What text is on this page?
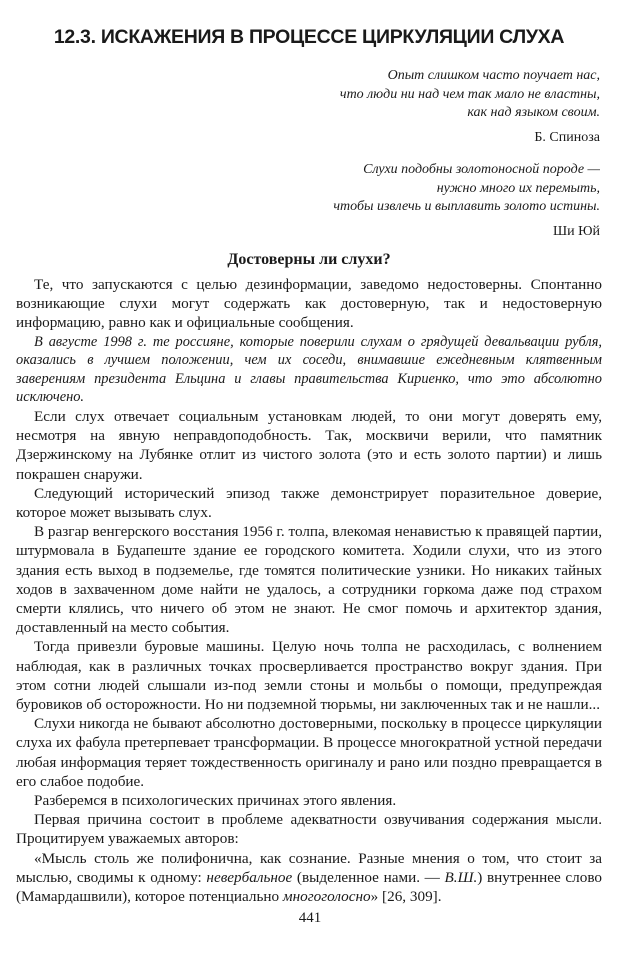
12.3. ИСКАЖЕНИЯ В ПРОЦЕССЕ ЦИРКУЛЯЦИИ СЛУХА
Опыт слишком часто поучает нас,
что люди ни над чем так мало не властны,
как над языком своим.
Б. Спиноза
Слухи подобны золотоносной породе —
нужно много их перемыть,
чтобы извлечь и выплавить золото истины.
Ши Юй
Достоверны ли слухи?

Те, что запускаются с целью дезинформации, заведомо недостоверны. Спонтанно возникающие слухи могут содержать как достоверную, так и недостоверную информацию, равно как и официальные сообщения.

В августе 1998 г. те россияне, которые поверили слухам о грядущей девальвации рубля, оказались в лучшем положении, чем их соседи, внимавшие ежедневным клятвенным заверениям президента Ельцина и главы правительства Кириенко, что это абсолютно исключено.

Если слух отвечает социальным установкам людей, то они могут доверять ему, несмотря на явную неправдоподобность. Так, москвичи верили, что памятник Дзержинскому на Лубянке отлит из чистого золота (это и есть золото партии) и лишь покрашен снаружи.

Следующий исторический эпизод также демонстрирует поразительное доверие, которое может вызывать слух.

В разгар венгерского восстания 1956 г. толпа, влекомая ненавистью к правящей партии, штурмовала в Будапеште здание ее городского комитета. Ходили слухи, что из этого здания есть выход в подземелье, где томятся политические узники. Но никаких тайных ходов в захваченном доме найти не удалось, а сотрудники горкома даже под страхом смерти клялись, что ничего об этом не знают. Не смог помочь и архитектор здания, доставленный на место события.

Тогда привезли буровые машины. Целую ночь толпа не расходилась, с волнением наблюдая, как в различных точках просверливается пространство вокруг здания. При этом сотни людей слышали из-под земли стоны и мольбы о помощи, предупреждая буровиков об осторожности. Но ни подземной тюрьмы, ни заключенных так и не нашли...

Слухи никогда не бывают абсолютно достоверными, поскольку в процессе циркуляции слуха их фабула претерпевает трансформации. В процессе многократной устной передачи любая информация теряет тождественность оригиналу и рано или поздно превращается в его слабое подобие.

Разберемся в психологических причинах этого явления.

Первая причина состоит в проблеме адекватности озвучивания содержания мысли. Процитируем уважаемых авторов:

«Мысль столь же полифонична, как сознание. Разные мнения о том, что стоит за мыслью, сводимы к одному: невербальное (выделенное нами. — В.Ш.) внутреннее слово (Мамардашвили), которое потенциально многоголосно» [26, 309].

441
